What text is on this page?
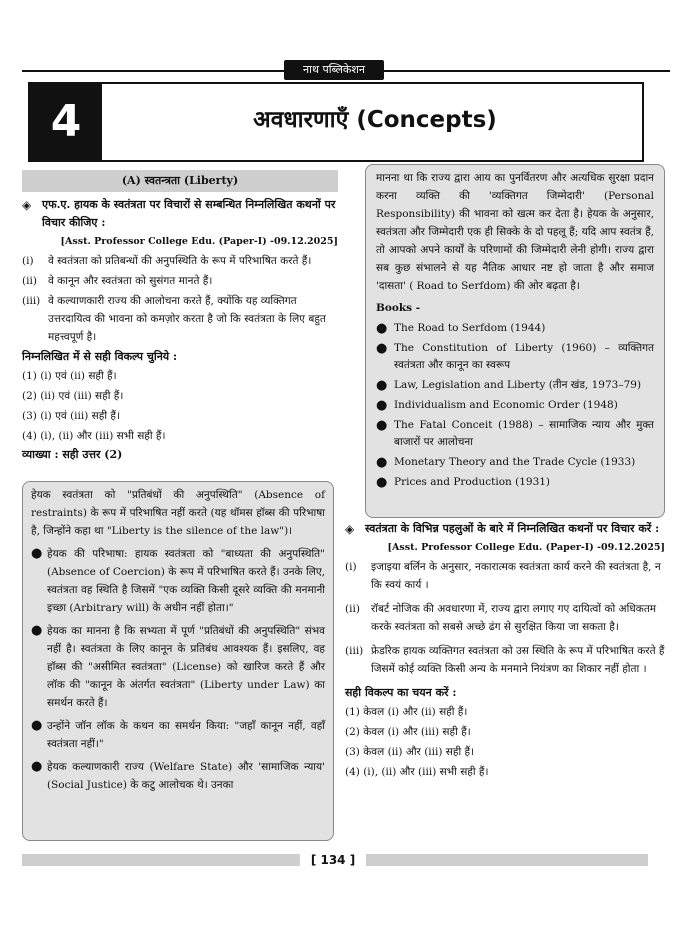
नाथ पब्लिकेशन
4	अवधारणाएँ (Concepts)
(A) स्वतन्त्रता (Liberty)
◈ एफ.ए. हायक के स्वतंत्रता पर विचारों से सम्बन्धित निम्नलिखित कथनों पर विचार कीजिए :
[Asst. Professor College Edu. (Paper-I) -09.12.2025]
(i)	वे स्वतंत्रता को प्रतिबन्धों की अनुपस्थिति के रूप में परिभाषित करते हैं।
(ii)	वे कानून और स्वतंत्रता को सुसंगत मानते हैं।
(iii) वे कल्याणकारी राज्य की आलोचना करते हैं, क्योंकि यह व्यक्तिगत उत्तरदायित्व की भावना को कमज़ोर करता है जो कि स्वतंत्रता के लिए बहुत महत्त्वपूर्ण है।
निम्नलिखित में से सही विकल्प चुनिये :
(1) (i) एवं (ii) सही हैं।
(2) (ii) एवं (iii) सही हैं।
(3) (i) एवं (iii) सही हैं।
(4) (i), (ii) और (iii) सभी सही हैं।
व्याख्या : सही उत्तर (2)
हेयक स्वतंत्रता को "प्रतिबंधों की अनुपस्थिति" (Absence of restraints) के रूप में परिभाषित नहीं करते (यह थॉमस हॉब्स की परिभाषा है, जिन्होंने कहा था "Liberty is the silence of the law")।
● हेयक की परिभाषा: हायक स्वतंत्रता को "बाध्यता की अनुपस्थिति" (Absence of Coercion) के रूप में परिभाषित करते हैं। उनके लिए, स्वतंत्रता वह स्थिति है जिसमें "एक व्यक्ति किसी दूसरे व्यक्ति की मनमानी इच्छा (Arbitrary will) के अधीन नहीं होता।"
● हेयक का मानना है कि सभ्यता में पूर्ण "प्रतिबंधों की अनुपस्थिति" संभव नहीं है। स्वतंत्रता के लिए कानून के प्रतिबंध आवश्यक हैं। इसलिए, वह हॉब्स की "असीमित स्वतंत्रता" (License) को खारिज करते हैं और लॉक की "कानून के अंतर्गत स्वतंत्रता" (Liberty under Law) का समर्थन करते हैं।
● उन्होंने जॉन लॉक के कथन का समर्थन किया: "जहाँ कानून नहीं, वहाँ स्वतंत्रता नहीं।"
● हेयक कल्याणकारी राज्य (Welfare State) और 'सामाजिक न्याय' (Social Justice) के कटु आलोचक थे। उनका
मानना था कि राज्य द्वारा आय का पुनर्वितरण और अत्यधिक सुरक्षा प्रदान करना व्यक्ति की 'व्यक्तिगत जिम्मेदारी' (Personal Responsibility) की भावना को खत्म कर देता है। हेयक के अनुसार, स्वतंत्रता और जिम्मेदारी एक ही सिक्के के दो पहलू हैं; यदि आप स्वतंत्र हैं, तो आपको अपने कार्यों के परिणामों की जिम्मेदारी लेनी होगी। राज्य द्वारा सब कुछ संभालने से यह नैतिक आधार नष्ट हो जाता है और समाज 'दासता' ( Road to Serfdom) की ओर बढ़ता है।
Books -
● The Road to Serfdom (1944)
● The Constitution of Liberty (1960) – व्यक्तिगत स्वतंत्रता और कानून का स्वरूप
● Law, Legislation and Liberty (तीन खंड, 1973–79)
● Individualism and Economic Order (1948)
● The Fatal Conceit (1988) – सामाजिक न्याय और मुक्त बाजारों पर आलोचना
● Monetary Theory and the Trade Cycle (1933)
● Prices and Production (1931)
◈ स्वतंत्रता के विभिन्न पहलुओं के बारे में निम्नलिखित कथनों पर विचार करें :
[Asst. Professor College Edu. (Paper-I) -09.12.2025]
(i)	इजाइया बर्लिन के अनुसार, नकारात्मक स्वतंत्रता कार्य करने की स्वतंत्रता है, न कि स्वयं कार्य ।
(ii)	रॉबर्ट नोजिक की अवधारणा में, राज्य द्वारा लगाए गए दायित्वों को अधिकतम करके स्वतंत्रता को सबसे अच्छे ढंग से सुरक्षित किया जा सकता है।
(iii) फ्रेडरिक हायक व्यक्तिगत स्वतंत्रता को उस स्थिति के रूप में परिभाषित करते हैं जिसमें कोई व्यक्ति किसी अन्य के मनमाने नियंत्रण का शिकार नहीं होता ।
सही विकल्प का चयन करें :
(1) केवल (i) और (ii) सही हैं।
(2) केवल (i) और (iii) सही हैं।
(3) केवल (ii) और (iii) सही हैं।
(4) (i), (ii) और (iii) सभी सही हैं।
[ 134 ]
